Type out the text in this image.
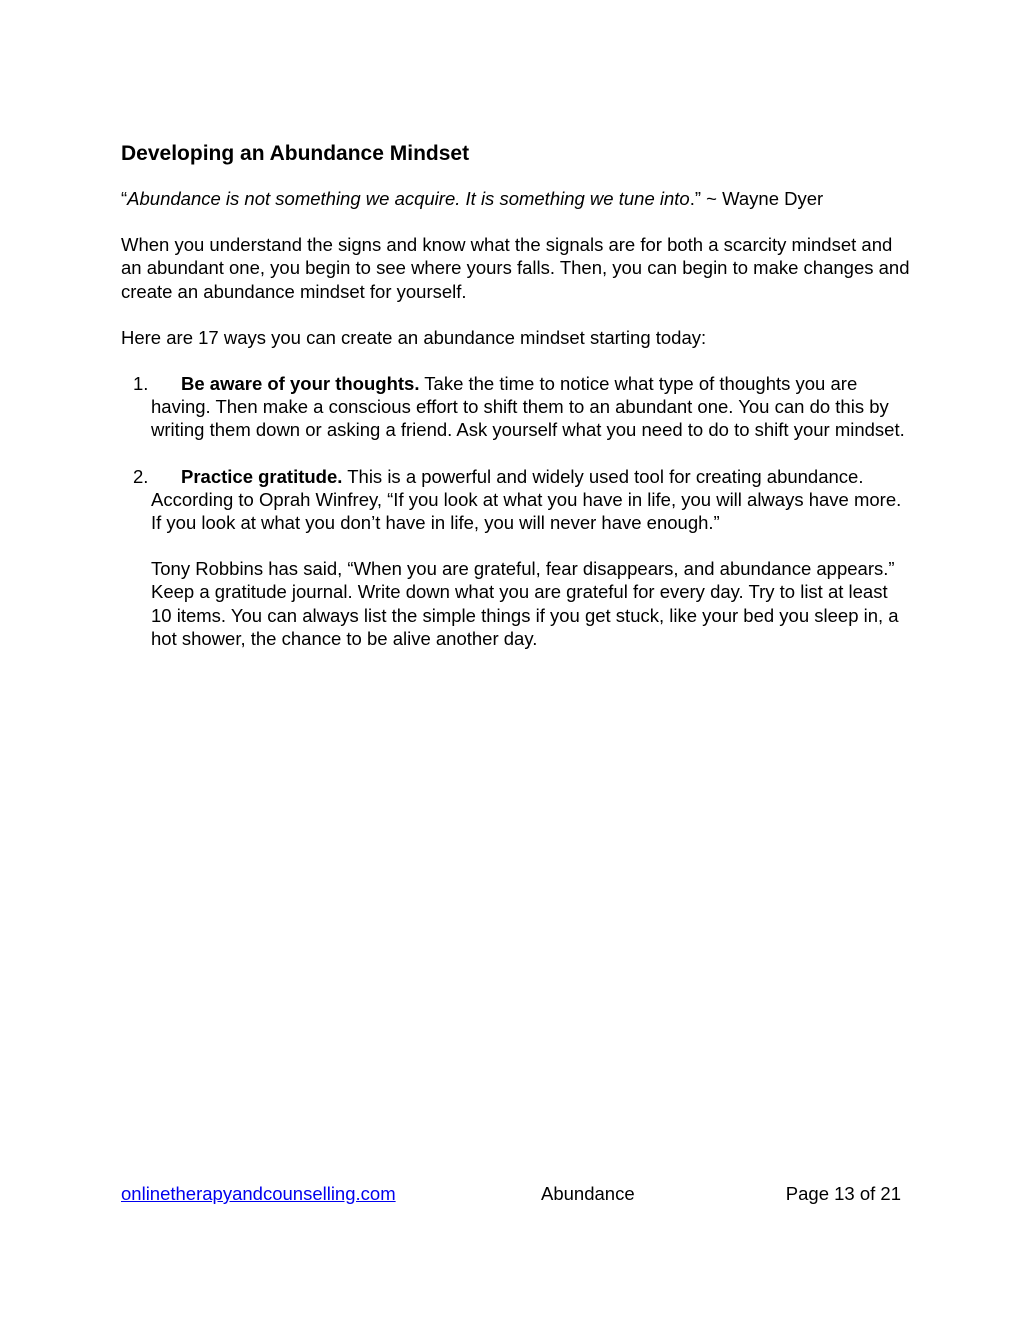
Developing an Abundance Mindset

“Abundance is not something we acquire. It is something we tune into.” ~ Wayne Dyer

When you understand the signs and know what the signals are for both a scarcity mindset and an abundant one, you begin to see where yours falls. Then, you can begin to make changes and create an abundance mindset for yourself.

Here are 17 ways you can create an abundance mindset starting today:

1. Be aware of your thoughts. Take the time to notice what type of thoughts you are having. Then make a conscious effort to shift them to an abundant one. You can do this by writing them down or asking a friend. Ask yourself what you need to do to shift your mindset.
2. Practice gratitude. This is a powerful and widely used tool for creating abundance. According to Oprah Winfrey, “If you look at what you have in life, you will always have more. If you look at what you don’t have in life, you will never have enough.”

Tony Robbins has said, “When you are grateful, fear disappears, and abundance appears.” Keep a gratitude journal. Write down what you are grateful for every day. Try to list at least 10 items. You can always list the simple things if you get stuck, like your bed you sleep in, a hot shower, the chance to be alive another day.

onlinetherapyandcounselling.com	Abundance	Page 13 of 21
